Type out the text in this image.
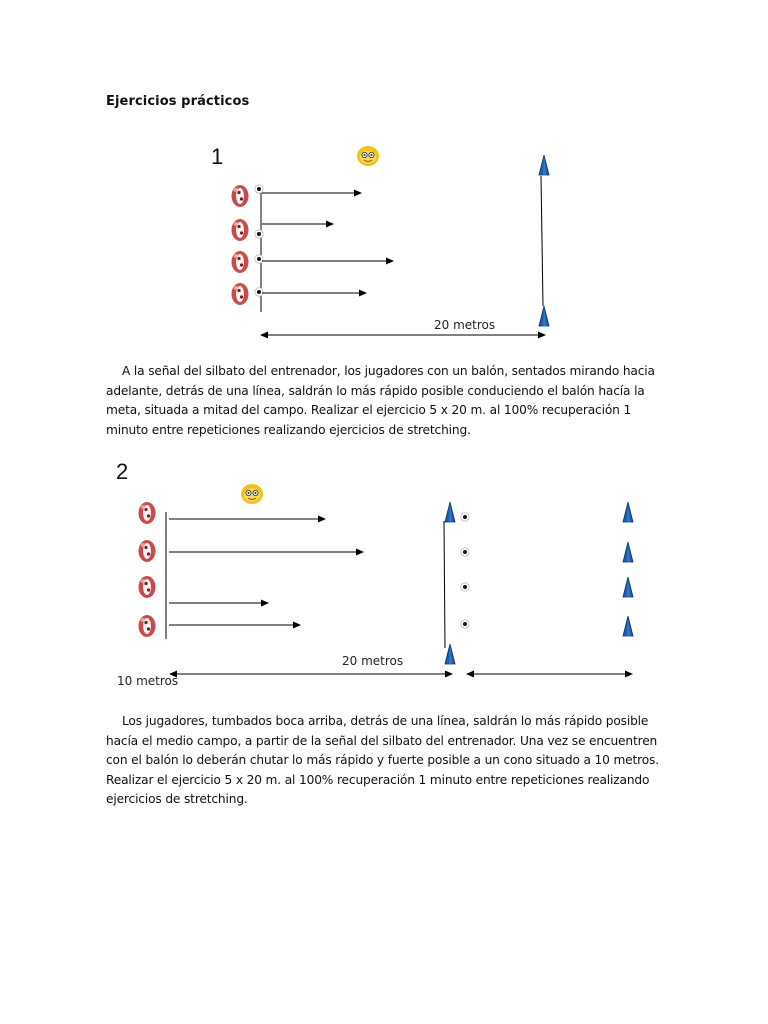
Ejercicios prácticos
1
20 metros
A la señal del silbato del entrenador, los jugadores con un balón, sentados mirando hacia adelante, detrás de una línea, saldrán lo más rápido posible conduciendo el balón hacía la meta, situada a mitad del campo. Realizar el ejercicio 5 x 20 m. al 100% recuperación 1 minuto entre repeticiones realizando ejercicios de stretching.
2
20 metros
10 metros
Los jugadores, tumbados boca arriba, detrás de una línea, saldrán lo más rápido posible hacía el medio campo, a partir de la señal del silbato del entrenador. Una vez se encuentren con el balón lo deberán chutar lo más rápido y fuerte posible a un cono situado a 10 metros. Realizar el ejercicio 5 x 20 m. al 100% recuperación 1 minuto entre repeticiones realizando ejercicios de stretching.
